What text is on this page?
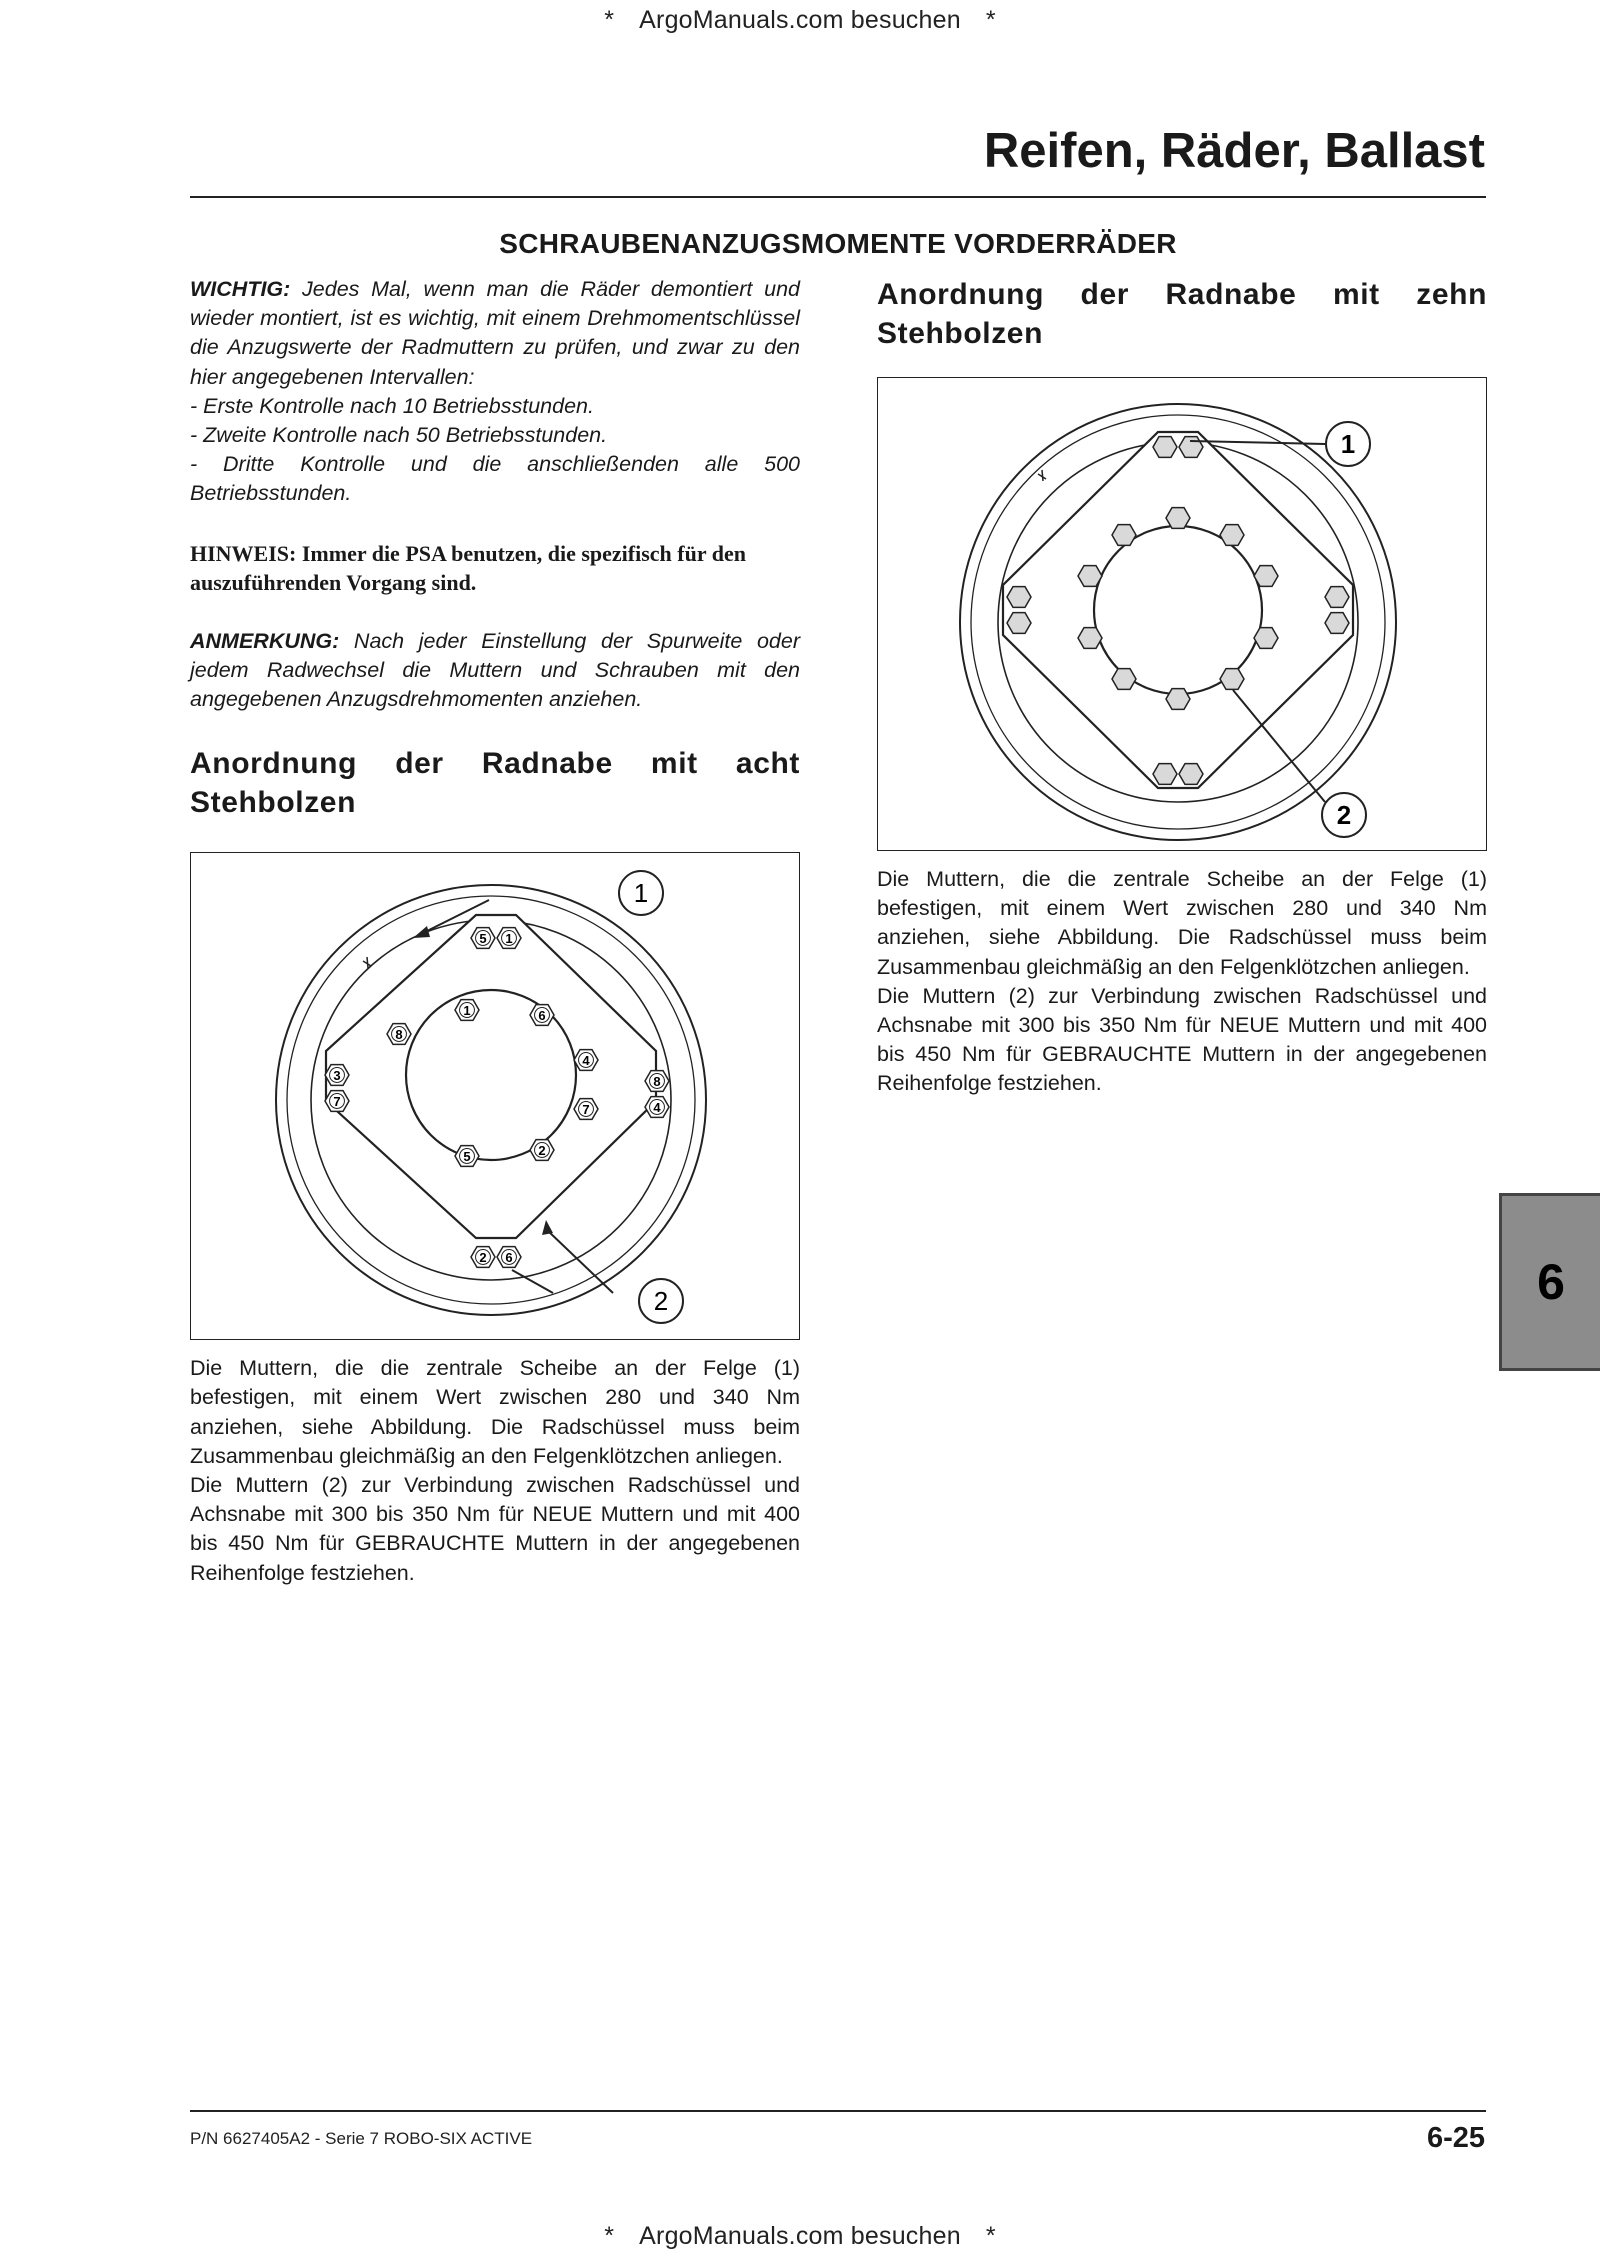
* ArgoManuals.com besuchen *
Reifen, Räder, Ballast
SCHRAUBENANZUGSMOMENTE VORDERRÄDER

WICHTIG: Jedes Mal, wenn man die Räder demontiert und wieder montiert, ist es wichtig, mit einem Drehmomentschlüssel die Anzugswerte der Radmuttern zu prüfen, und zwar zu den hier angegebenen Intervallen:

- Erste Kontrolle nach 10 Betriebsstunden.

- Zweite Kontrolle nach 50 Betriebsstunden.

- Dritte Kontrolle und die anschließenden alle 500 Betriebsstunden.

HINWEIS: Immer die PSA benutzen, die spezifisch für den auszuführenden Vorgang sind.

ANMERKUNG: Nach jeder Einstellung der Spurweite oder jedem Radwechsel die Muttern und Schrauben mit den angegebenen Anzugsdrehmomenten anziehen.

Anordnung der Radnabe mit acht Stehbolzen
5 1
3
7
8
4
2 6
1	6
4
7
2
5
8
1
2

Die Muttern, die die zentrale Scheibe an der Felge (1) befestigen, mit einem Wert zwischen 280 und 340 Nm anziehen, siehe Abbildung. Die Radschüssel muss beim Zusammenbau gleichmäßig an den Felgenklötzchen anliegen.

Die Muttern (2) zur Verbindung zwischen Radschüssel und Achsnabe mit 300 bis 350 Nm für NEUE Muttern und mit 400 bis 450 Nm für GEBRAUCHTE Muttern in der angegebenen Reihenfolge festziehen.

Anordnung der Radnabe mit zehn Stehbolzen
1
2

Die Muttern, die die zentrale Scheibe an der Felge (1) befestigen, mit einem Wert zwischen 280 und 340 Nm anziehen, siehe Abbildung. Die Radschüssel muss beim Zusammenbau gleichmäßig an den Felgenklötzchen anliegen.

Die Muttern (2) zur Verbindung zwischen Radschüssel und Achsnabe mit 300 bis 350 Nm für NEUE Muttern und mit 400 bis 450 Nm für GEBRAUCHTE Muttern in der angegebenen Reihenfolge festziehen.

6
P/N 6627405A2 - Serie 7 ROBO-SIX ACTIVE	6-25
* ArgoManuals.com besuchen *
